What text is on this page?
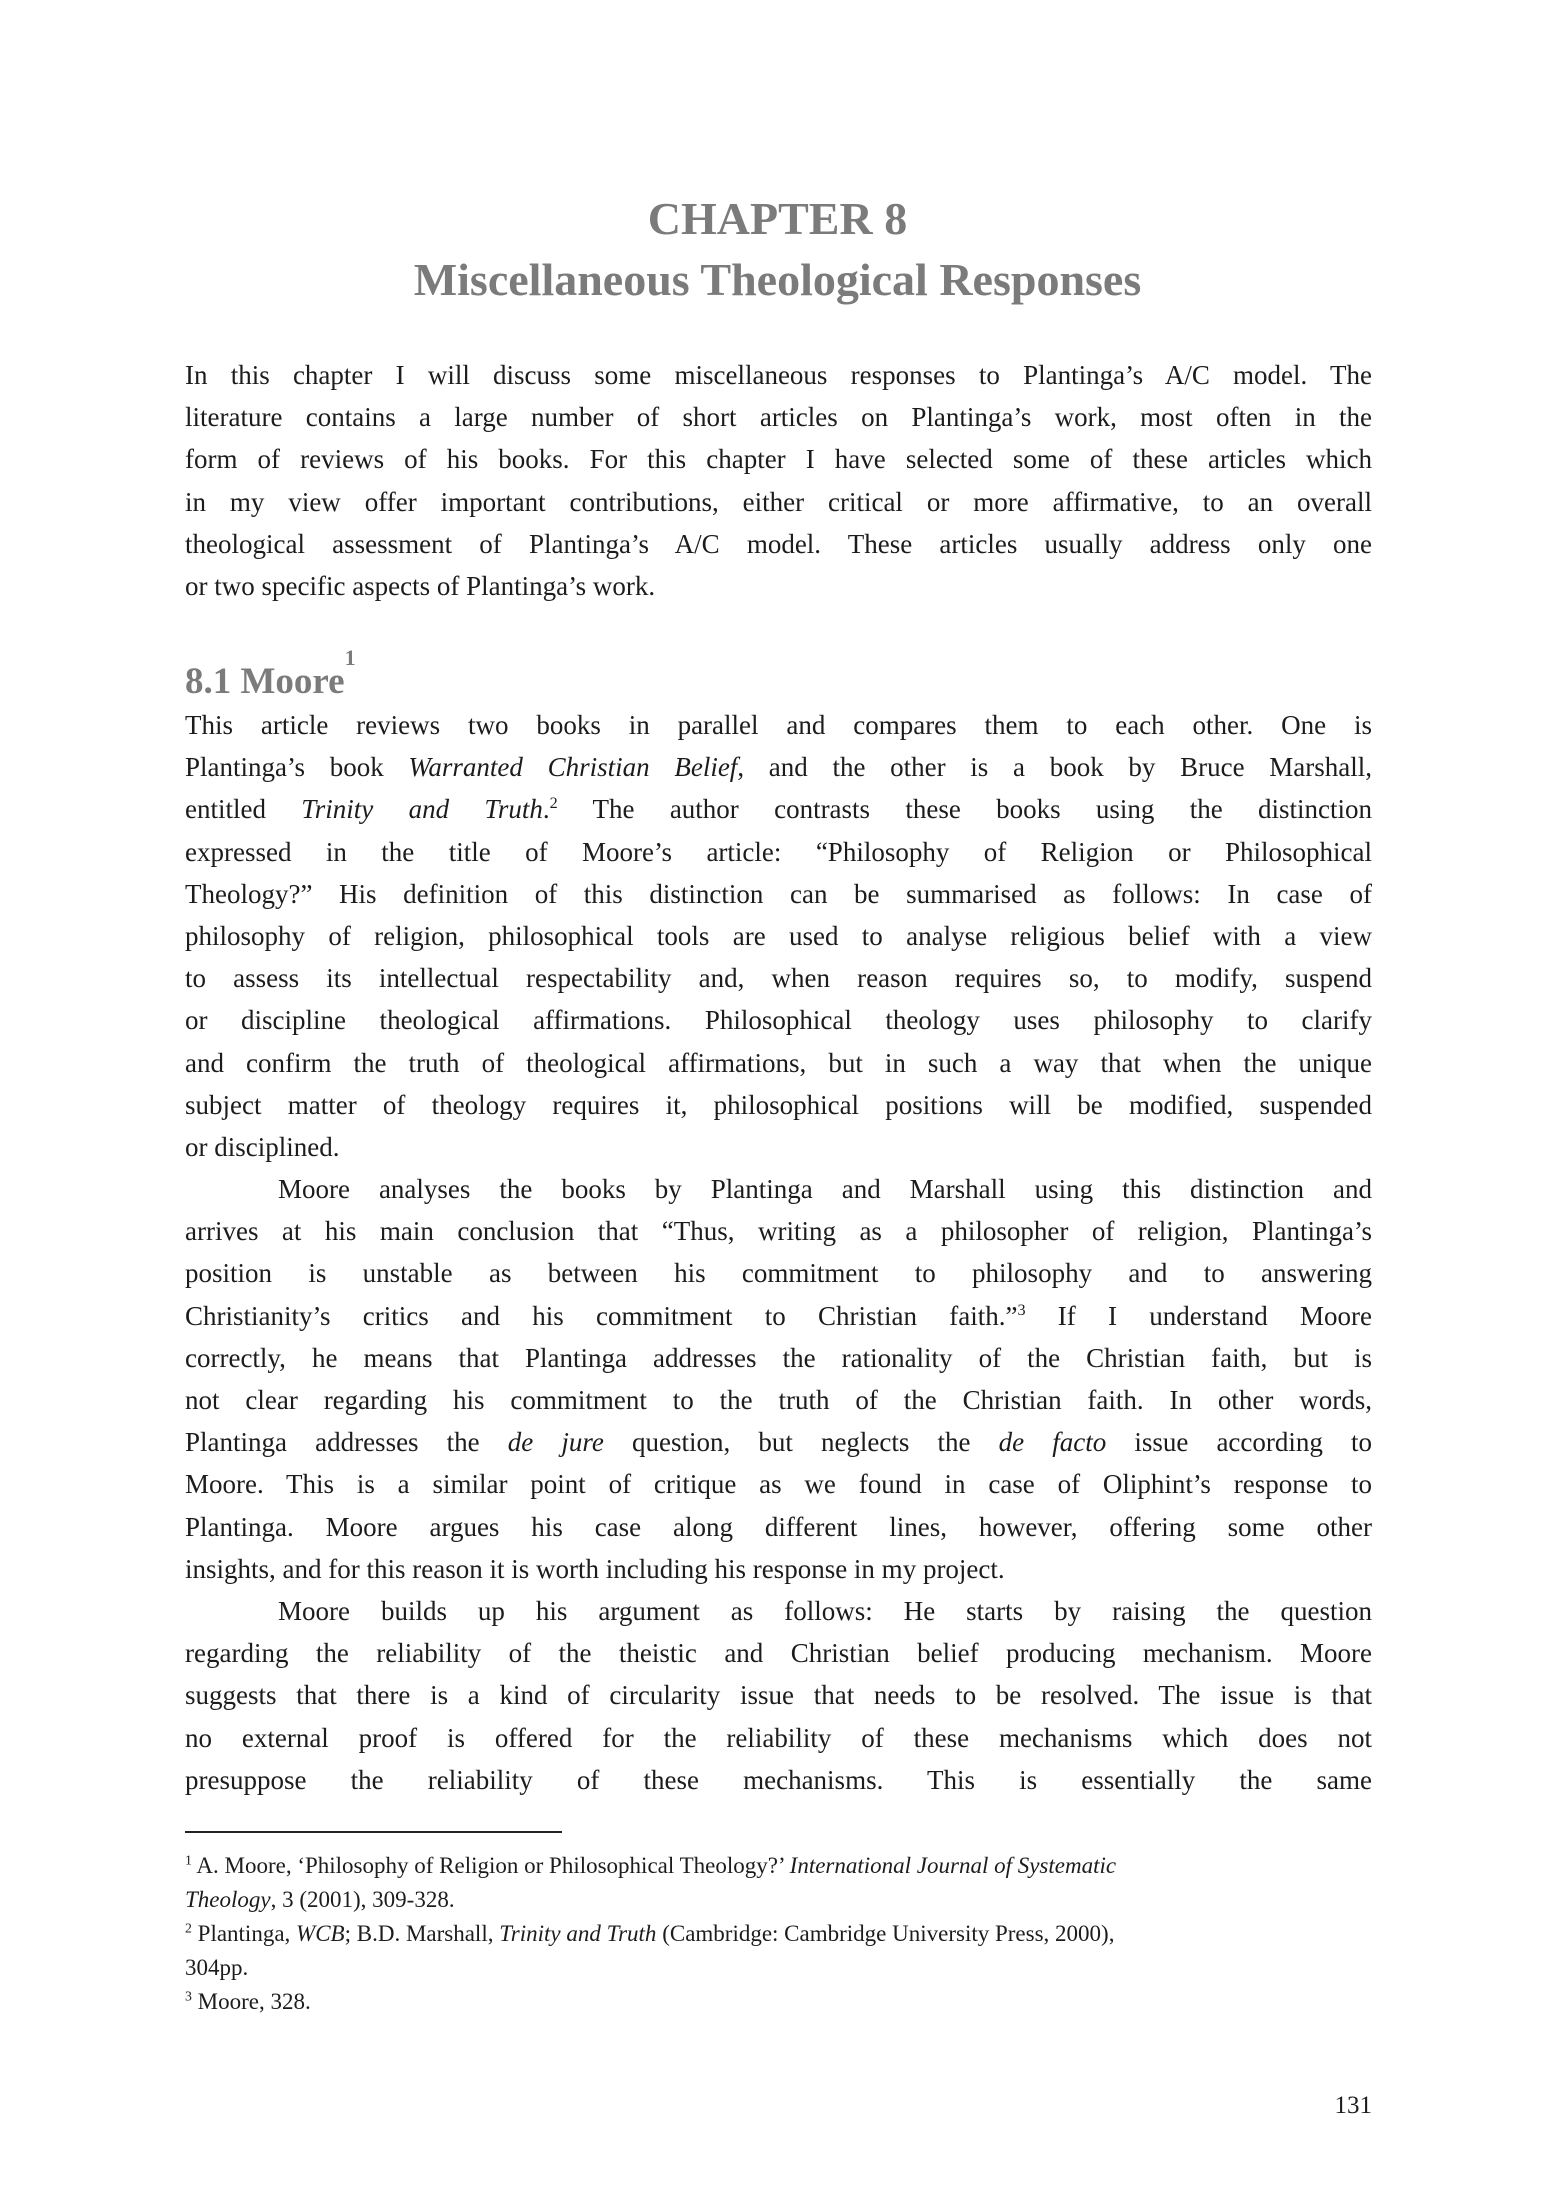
CHAPTER 8
Miscellaneous Theological Responses
In this chapter I will discuss some miscellaneous responses to Plantinga’s A/C model. The
literature contains a large number of short articles on Plantinga’s work, most often in the
form of reviews of his books. For this chapter I have selected some of these articles which
in my view offer important contributions, either critical or more affirmative, to an overall
theological assessment of Plantinga’s A/C model. These articles usually address only one
or two specific aspects of Plantinga’s work.
8.1 Moore$^1$
This article reviews two books in parallel and compares them to each other. One is
Plantinga’s book Warranted Christian Belief, and the other is a book by Bruce Marshall,
entitled Trinity and Truth.$^2$ The author contrasts these books using the distinction
expressed in the title of Moore’s article: “Philosophy of Religion or Philosophical
Theology?” His definition of this distinction can be summarised as follows: In case of
philosophy of religion, philosophical tools are used to analyse religious belief with a view
to assess its intellectual respectability and, when reason requires so, to modify, suspend
or discipline theological affirmations. Philosophical theology uses philosophy to clarify
and confirm the truth of theological affirmations, but in such a way that when the unique
subject matter of theology requires it, philosophical positions will be modified, suspended
or disciplined.
Moore analyses the books by Plantinga and Marshall using this distinction and
arrives at his main conclusion that “Thus, writing as a philosopher of religion, Plantinga’s
position is unstable as between his commitment to philosophy and to answering
Christianity’s critics and his commitment to Christian faith.”$^3$ If I understand Moore
correctly, he means that Plantinga addresses the rationality of the Christian faith, but is
not clear regarding his commitment to the truth of the Christian faith. In other words,
Plantinga addresses the de jure question, but neglects the de facto issue according to
Moore. This is a similar point of critique as we found in case of Oliphint’s response to
Plantinga. Moore argues his case along different lines, however, offering some other
insights, and for this reason it is worth including his response in my project.
Moore builds up his argument as follows: He starts by raising the question
regarding the reliability of the theistic and Christian belief producing mechanism. Moore
suggests that there is a kind of circularity issue that needs to be resolved. The issue is that
no external proof is offered for the reliability of these mechanisms which does not
presuppose the reliability of these mechanisms. This is essentially the same
$^1$ A. Moore, ‘Philosophy of Religion or Philosophical Theology?’ International Journal of Systematic
Theology, 3 (2001), 309-328.
$^2$ Plantinga, WCB; B.D. Marshall, Trinity and Truth (Cambridge: Cambridge University Press, 2000),
304pp.
$^3$ Moore, 328.
131
